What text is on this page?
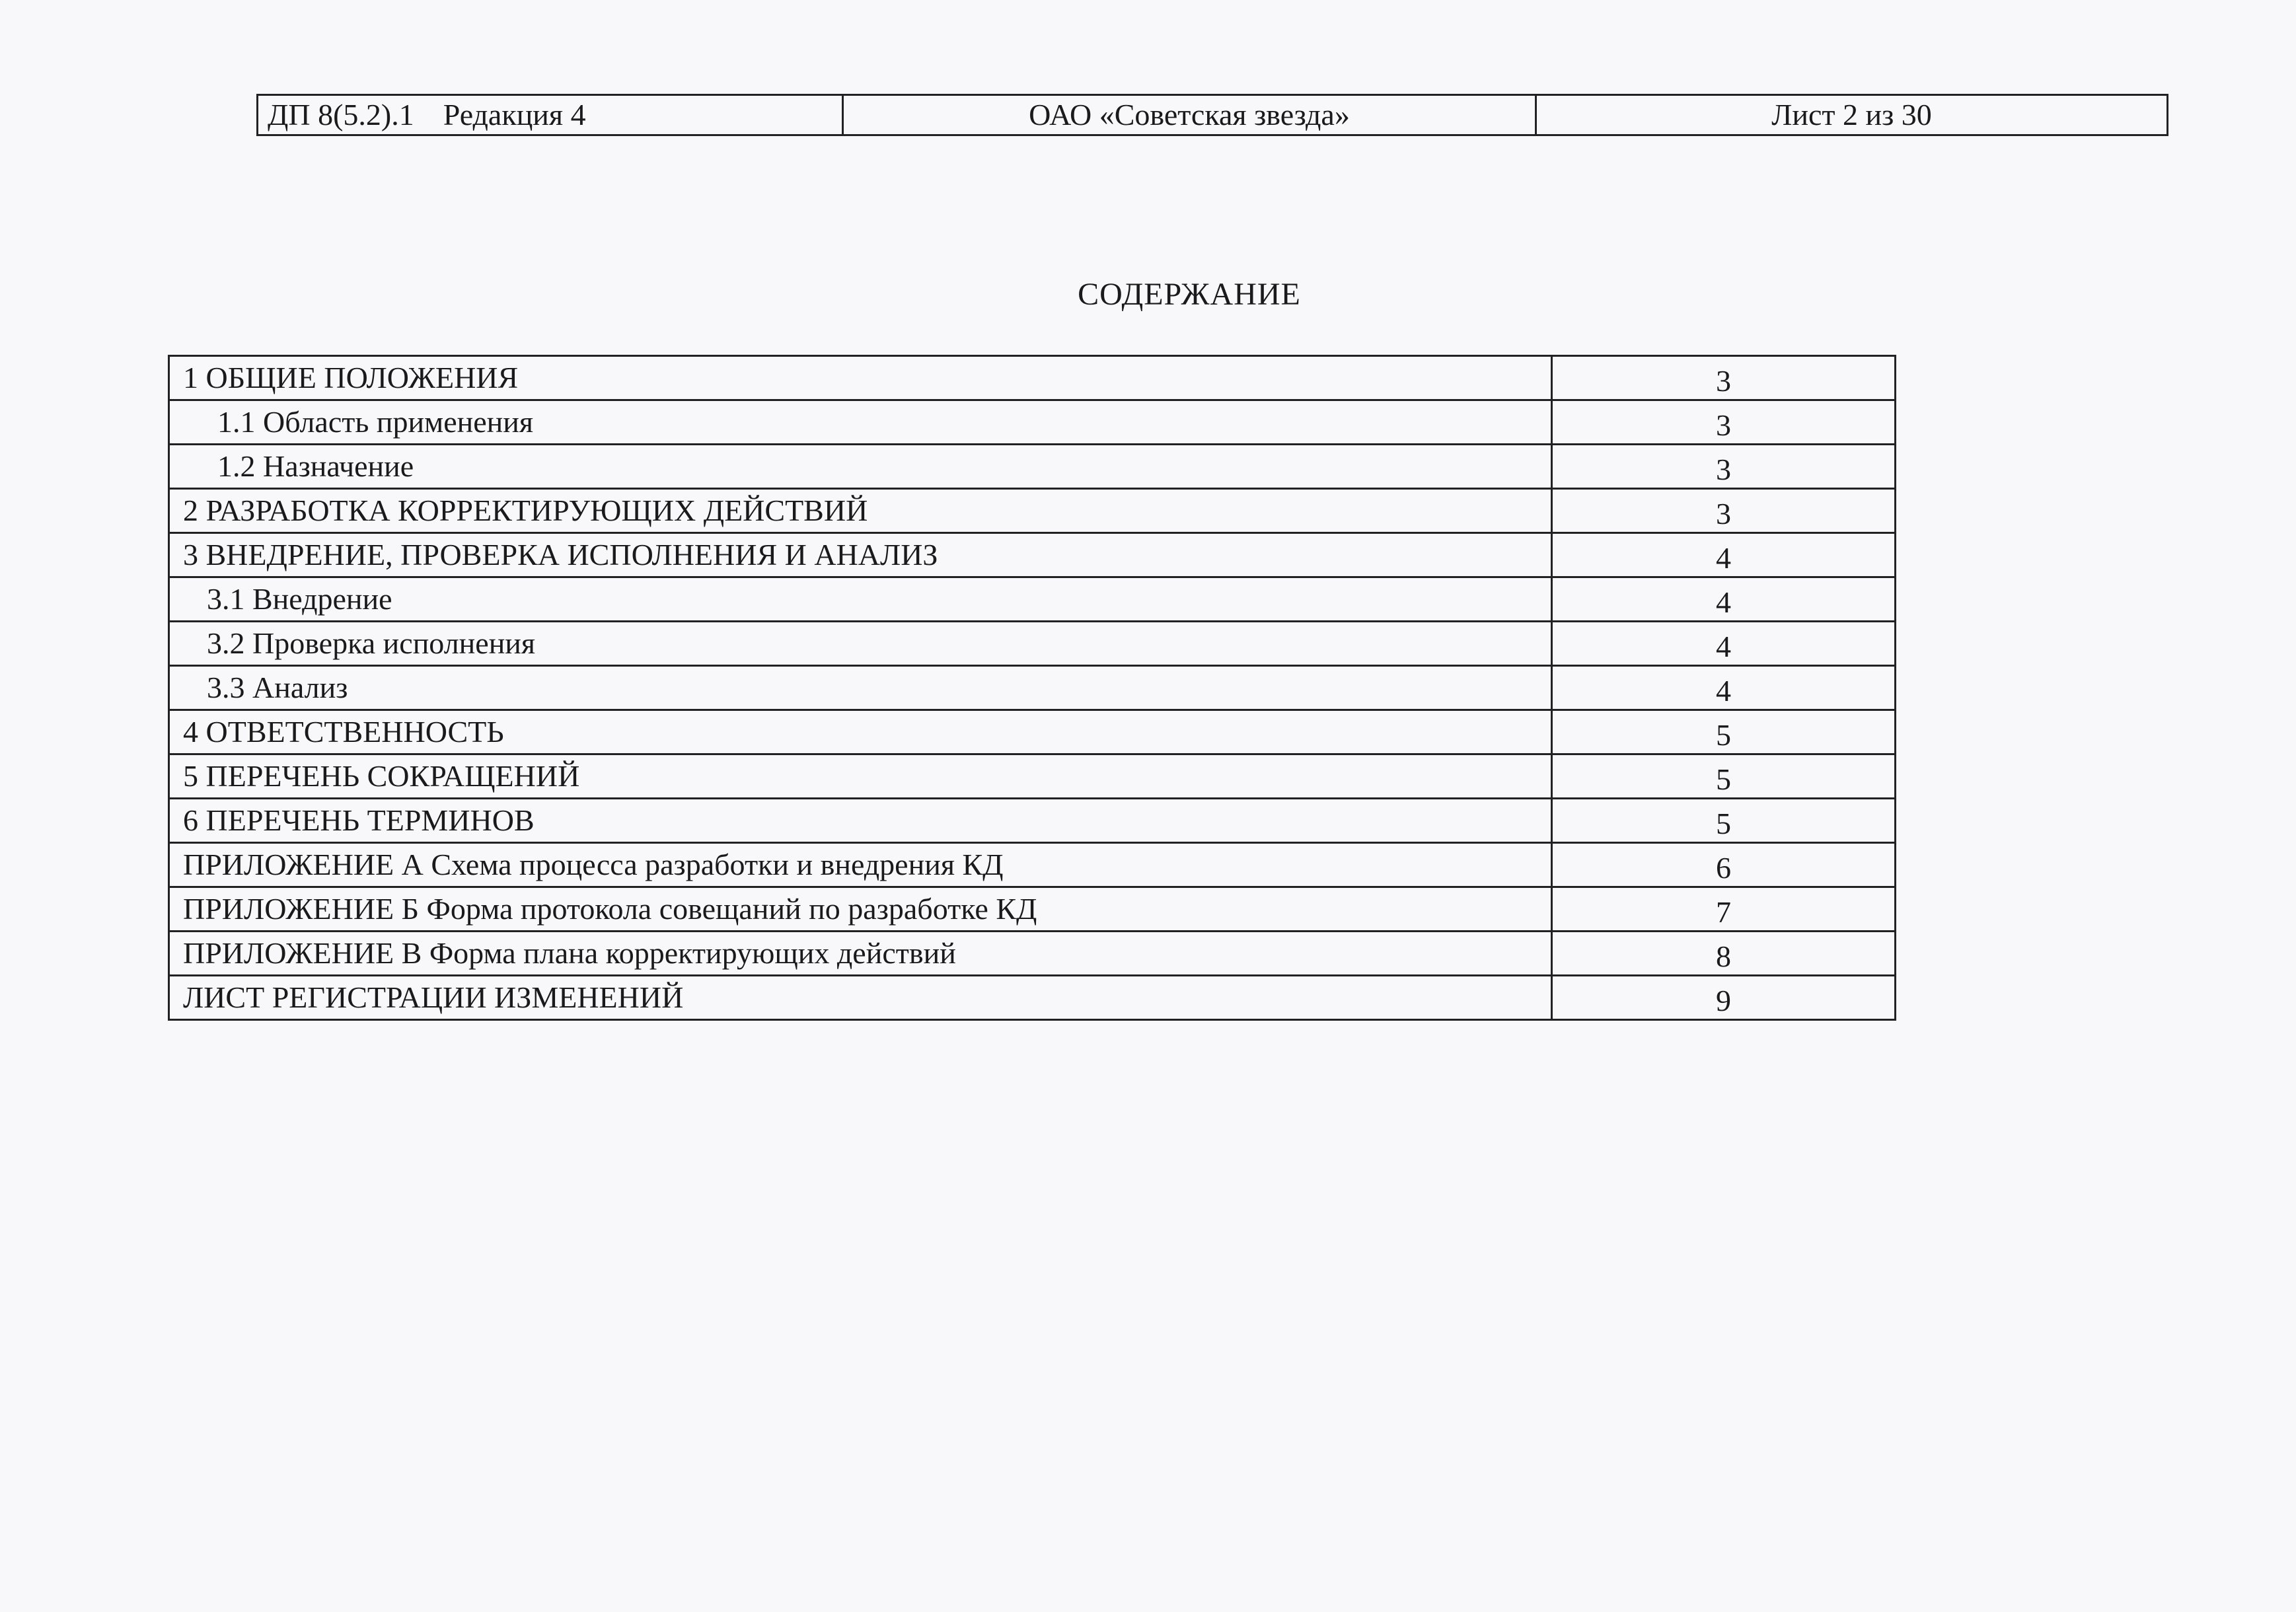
ДП 8(5.2).1 Редакция 4	ОАО «Советская звезда»	Лист 2 из 30
СОДЕРЖАНИЕ
1 ОБЩИЕ ПОЛОЖЕНИЯ	3
1.1 Область применения	3
1.2 Назначение	3
2 РАЗРАБОТКА КОРРЕКТИРУЮЩИХ ДЕЙСТВИЙ	3
3 ВНЕДРЕНИЕ, ПРОВЕРКА ИСПОЛНЕНИЯ И АНАЛИЗ	4
3.1 Внедрение	4
3.2 Проверка исполнения	4
3.3 Анализ	4
4 ОТВЕТСТВЕННОСТЬ	5
5 ПЕРЕЧЕНЬ СОКРАЩЕНИЙ	5
6 ПЕРЕЧЕНЬ ТЕРМИНОВ	5
ПРИЛОЖЕНИЕ А Схема процесса разработки и внедрения КД	6
ПРИЛОЖЕНИЕ Б Форма протокола совещаний по разработке КД	7
ПРИЛОЖЕНИЕ В Форма плана корректирующих действий	8
ЛИСТ РЕГИСТРАЦИИ ИЗМЕНЕНИЙ	9
